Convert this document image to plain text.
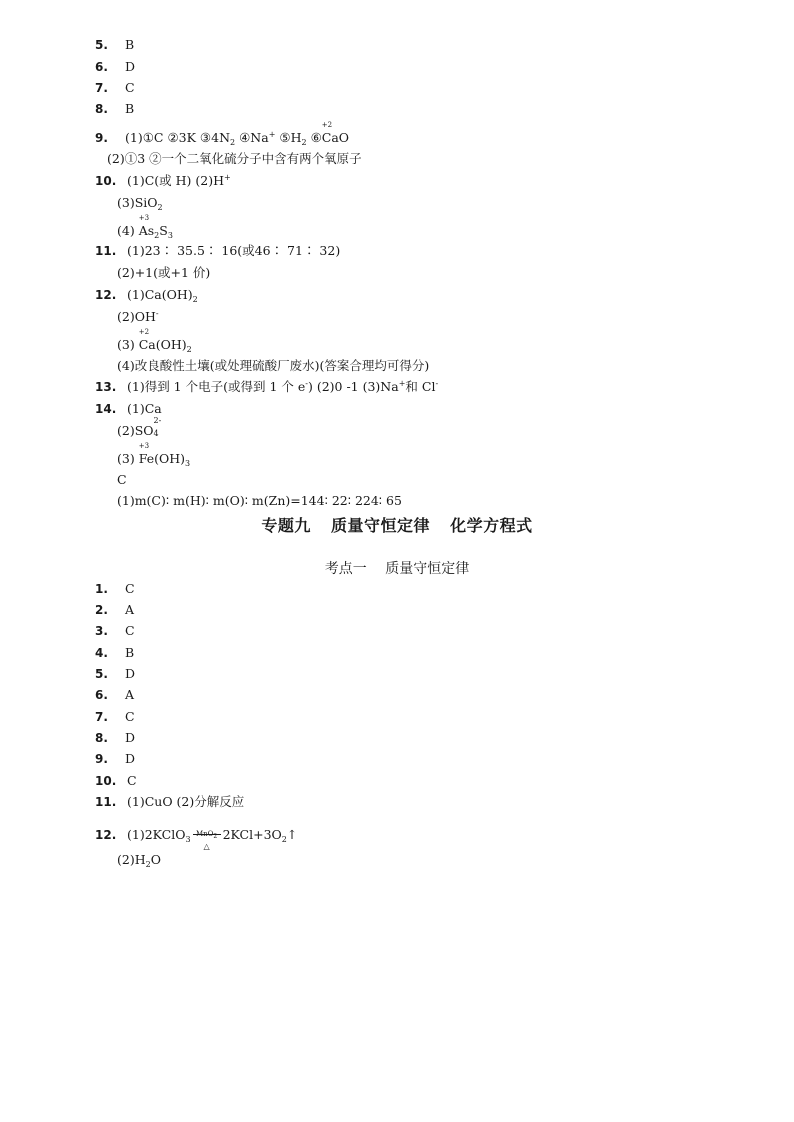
5. B
6. D
7. C
8. B
9. (1)①C ②3K $③4N_2$ ④Na+ $⑤H_2$ ⑥
+2
CaO
(2)①3 ②一个二氧化硫分子中含有两个氧原子
10. (1)C(或 H) (2)H+
(3)SiO$_2$
(4)
+3
$As_2S_3$
11. (1)23∶ 35.5∶ 16(或46∶ 71∶ 32)
(2)+1(或+1 价)
12. $(1)Ca(OH)_2$
(2)OH-
(3)
+2
$Ca(OH)_2$
(4)改良酸性土壤(或处理硫酸厂废水)(答案合理均可得分)
13. (1)得到 1 个电子(或得到 1 个 e-) (2)0 -1 (3)Na+和 Cl-
14. (1)Ca
(2)SO
2-
4
(3)
+3
$Fe(OH)_3$
C
(1)m(C)∶ m(H)∶ m(O)∶ m(Zn)=144∶ 22∶ 224∶ 65
专题九 质量守恒定律 化学方程式
考点一 质量守恒定律
1. C
2. A
3. C
4. B
5. D
6. A
7. C
8. D
9. D
10. C
11. (1)CuO (2)分解反应
12. (1)2KClO$_3$
MnO$_2$
△
$2KCl+3O_2↑$
$(2)H_2O$
